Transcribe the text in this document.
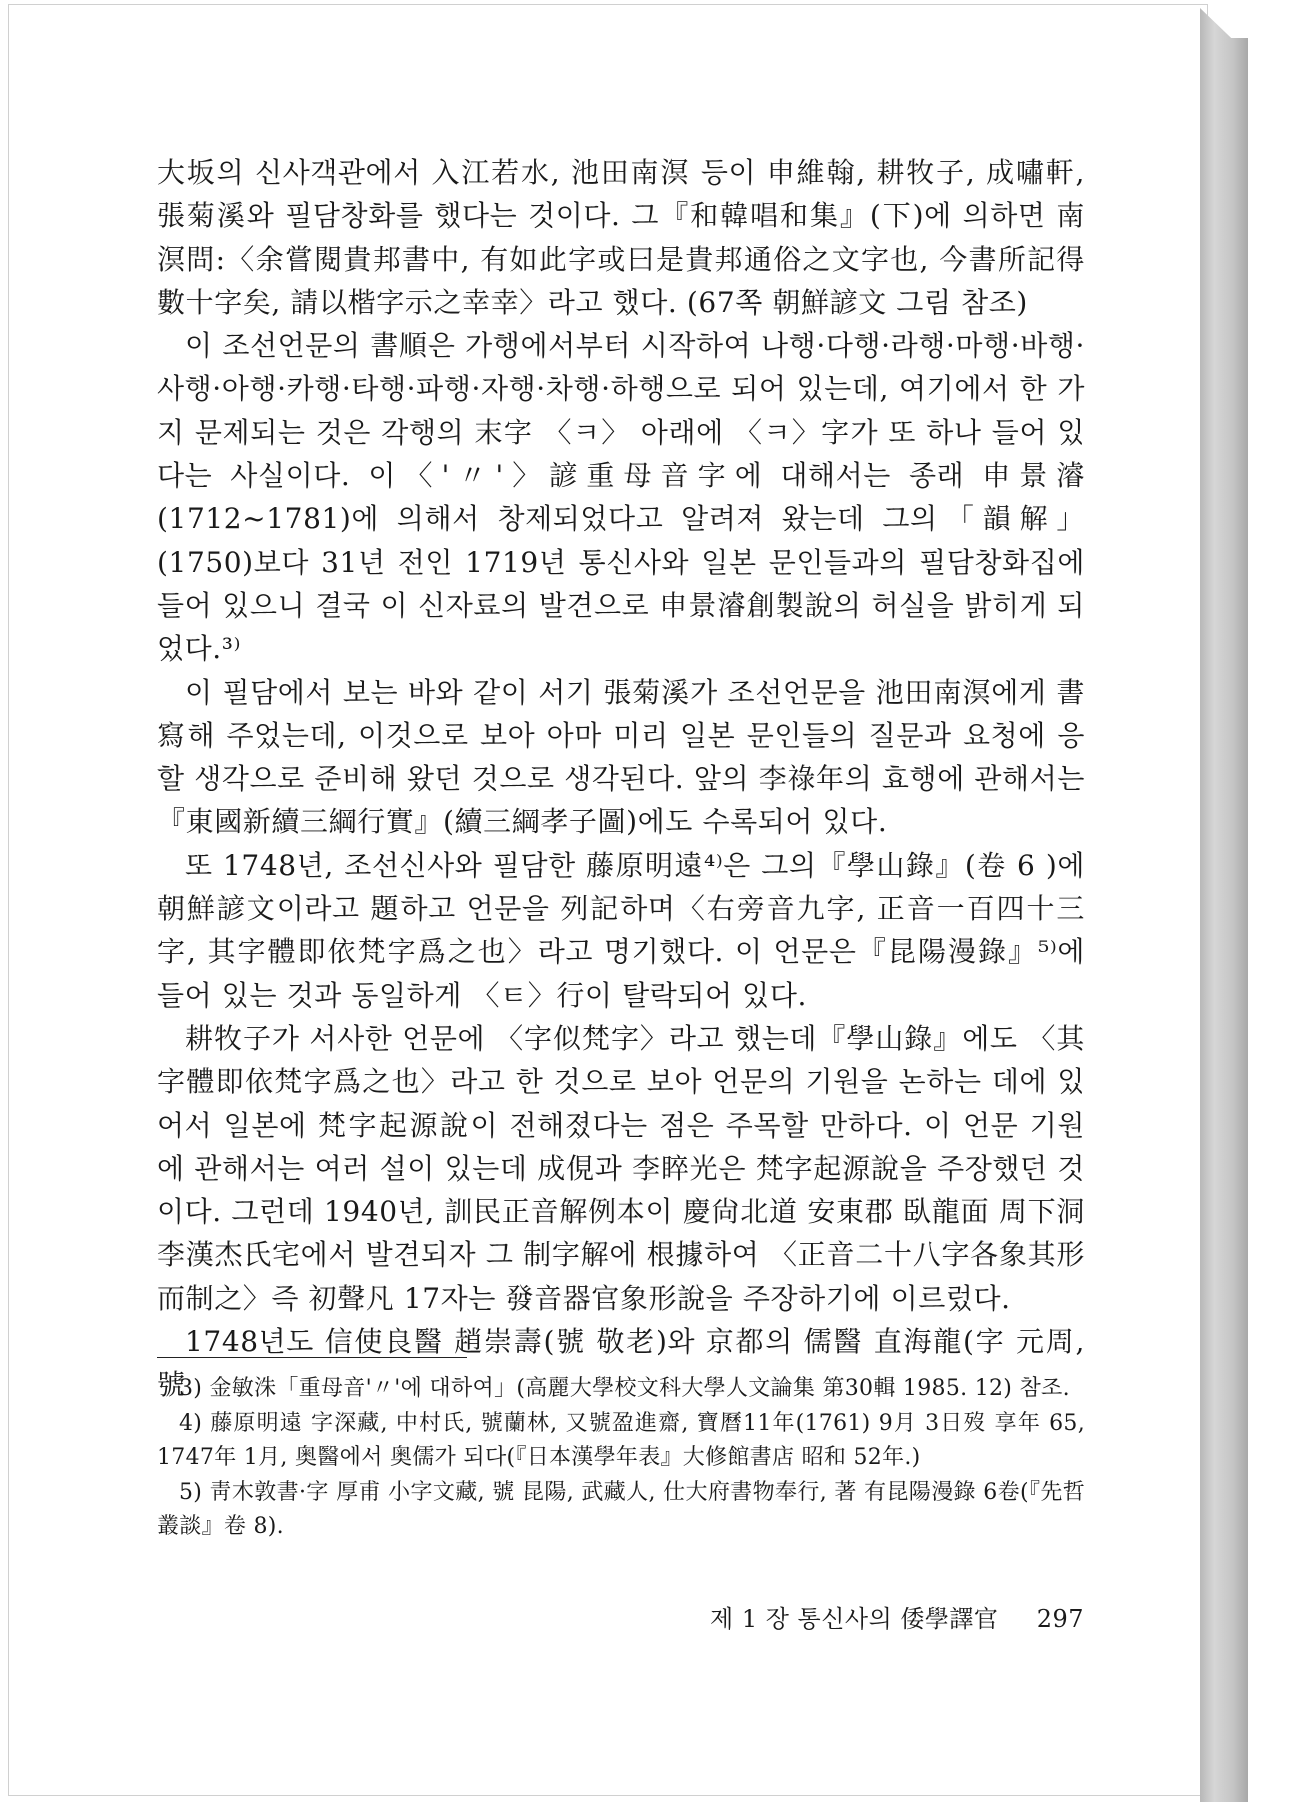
大坂의 신사객관에서 入江若水, 池田南溟 등이 申維翰, 耕牧子, 成嘯軒, 張菊溪와 필담창화를 했다는 것이다. 그『和韓唱和集』(下)에 의하면 南溟問:〈余嘗閱貴邦書中, 有如此字或曰是貴邦通俗之文字也, 今書所記得數十字矣, 請以楷字示之幸幸〉라고 했다. (67쪽 朝鮮諺文 그림 참조)

이 조선언문의 書順은 가행에서부터 시작하여 나행·다행·라행·마행·바행·사행·아행·카행·타행·파행·자행·차행·하행으로 되어 있는데, 여기에서 한 가지 문제되는 것은 각행의 末字 〈ㅋ〉 아래에 〈ㅋ〉字가 또 하나 들어 있다는 사실이다. 이〈'〃'〉諺重母音字에 대해서는 종래 申景濬(1712~1781)에 의해서 창제되었다고 알려져 왔는데 그의「韻解」(1750)보다 31년 전인 1719년 통신사와 일본 문인들과의 필담창화집에 들어 있으니 결국 이 신자료의 발견으로 申景濬創製說의 허실을 밝히게 되었다.³⁾

이 필담에서 보는 바와 같이 서기 張菊溪가 조선언문을 池田南溟에게 書寫해 주었는데, 이것으로 보아 아마 미리 일본 문인들의 질문과 요청에 응할 생각으로 준비해 왔던 것으로 생각된다. 앞의 李祿年의 효행에 관해서는『東國新續三綱行實』(續三綱孝子圖)에도 수록되어 있다.

또 1748년, 조선신사와 필담한 藤原明遠⁴⁾은 그의『學山錄』(卷 6 )에 朝鮮諺文이라고 題하고 언문을 列記하며〈右旁音九字, 正音一百四十三字, 其字體即依梵字爲之也〉라고 명기했다. 이 언문은『昆陽漫錄』⁵⁾에 들어 있는 것과 동일하게 〈ㅌ〉行이 탈락되어 있다.

耕牧子가 서사한 언문에 〈字似梵字〉라고 했는데『學山錄』에도 〈其字體即依梵字爲之也〉라고 한 것으로 보아 언문의 기원을 논하는 데에 있어서 일본에 梵字起源說이 전해졌다는 점은 주목할 만하다. 이 언문 기원에 관해서는 여러 설이 있는데 成俔과 李睟光은 梵字起源說을 주장했던 것이다. 그런데 1940년, 訓民正音解例本이 慶尙北道 安東郡 臥龍面 周下洞 李漢杰氏宅에서 발견되자 그 制字解에 根據하여 〈正音二十八字各象其形而制之〉즉 初聲凡 17자는 發音器官象形說을 주장하기에 이르렀다.

1748년도 信使良醫 趙崇壽(號 敬老)와 京都의 儒醫 直海龍(字 元周, 號

3) 金敏洙「重母音'〃'에 대하여」(高麗大學校文科大學人文論集 第30輯 1985. 12) 참조.

4) 藤原明遠 字深藏, 中村氏, 號蘭林, 又號盈進齋, 寶曆11年(1761) 9月 3日歿 享年 65, 1747年 1月, 奥醫에서 奥儒가 되다(『日本漢學年表』大修館書店 昭和 52年.)

5) 靑木敦書·字 厚甫 小字文藏, 號 昆陽, 武藏人, 仕大府書物奉行, 著 有昆陽漫錄 6卷(『先哲叢談』卷 8).

제 1 장 통신사의 倭學譯官 297
